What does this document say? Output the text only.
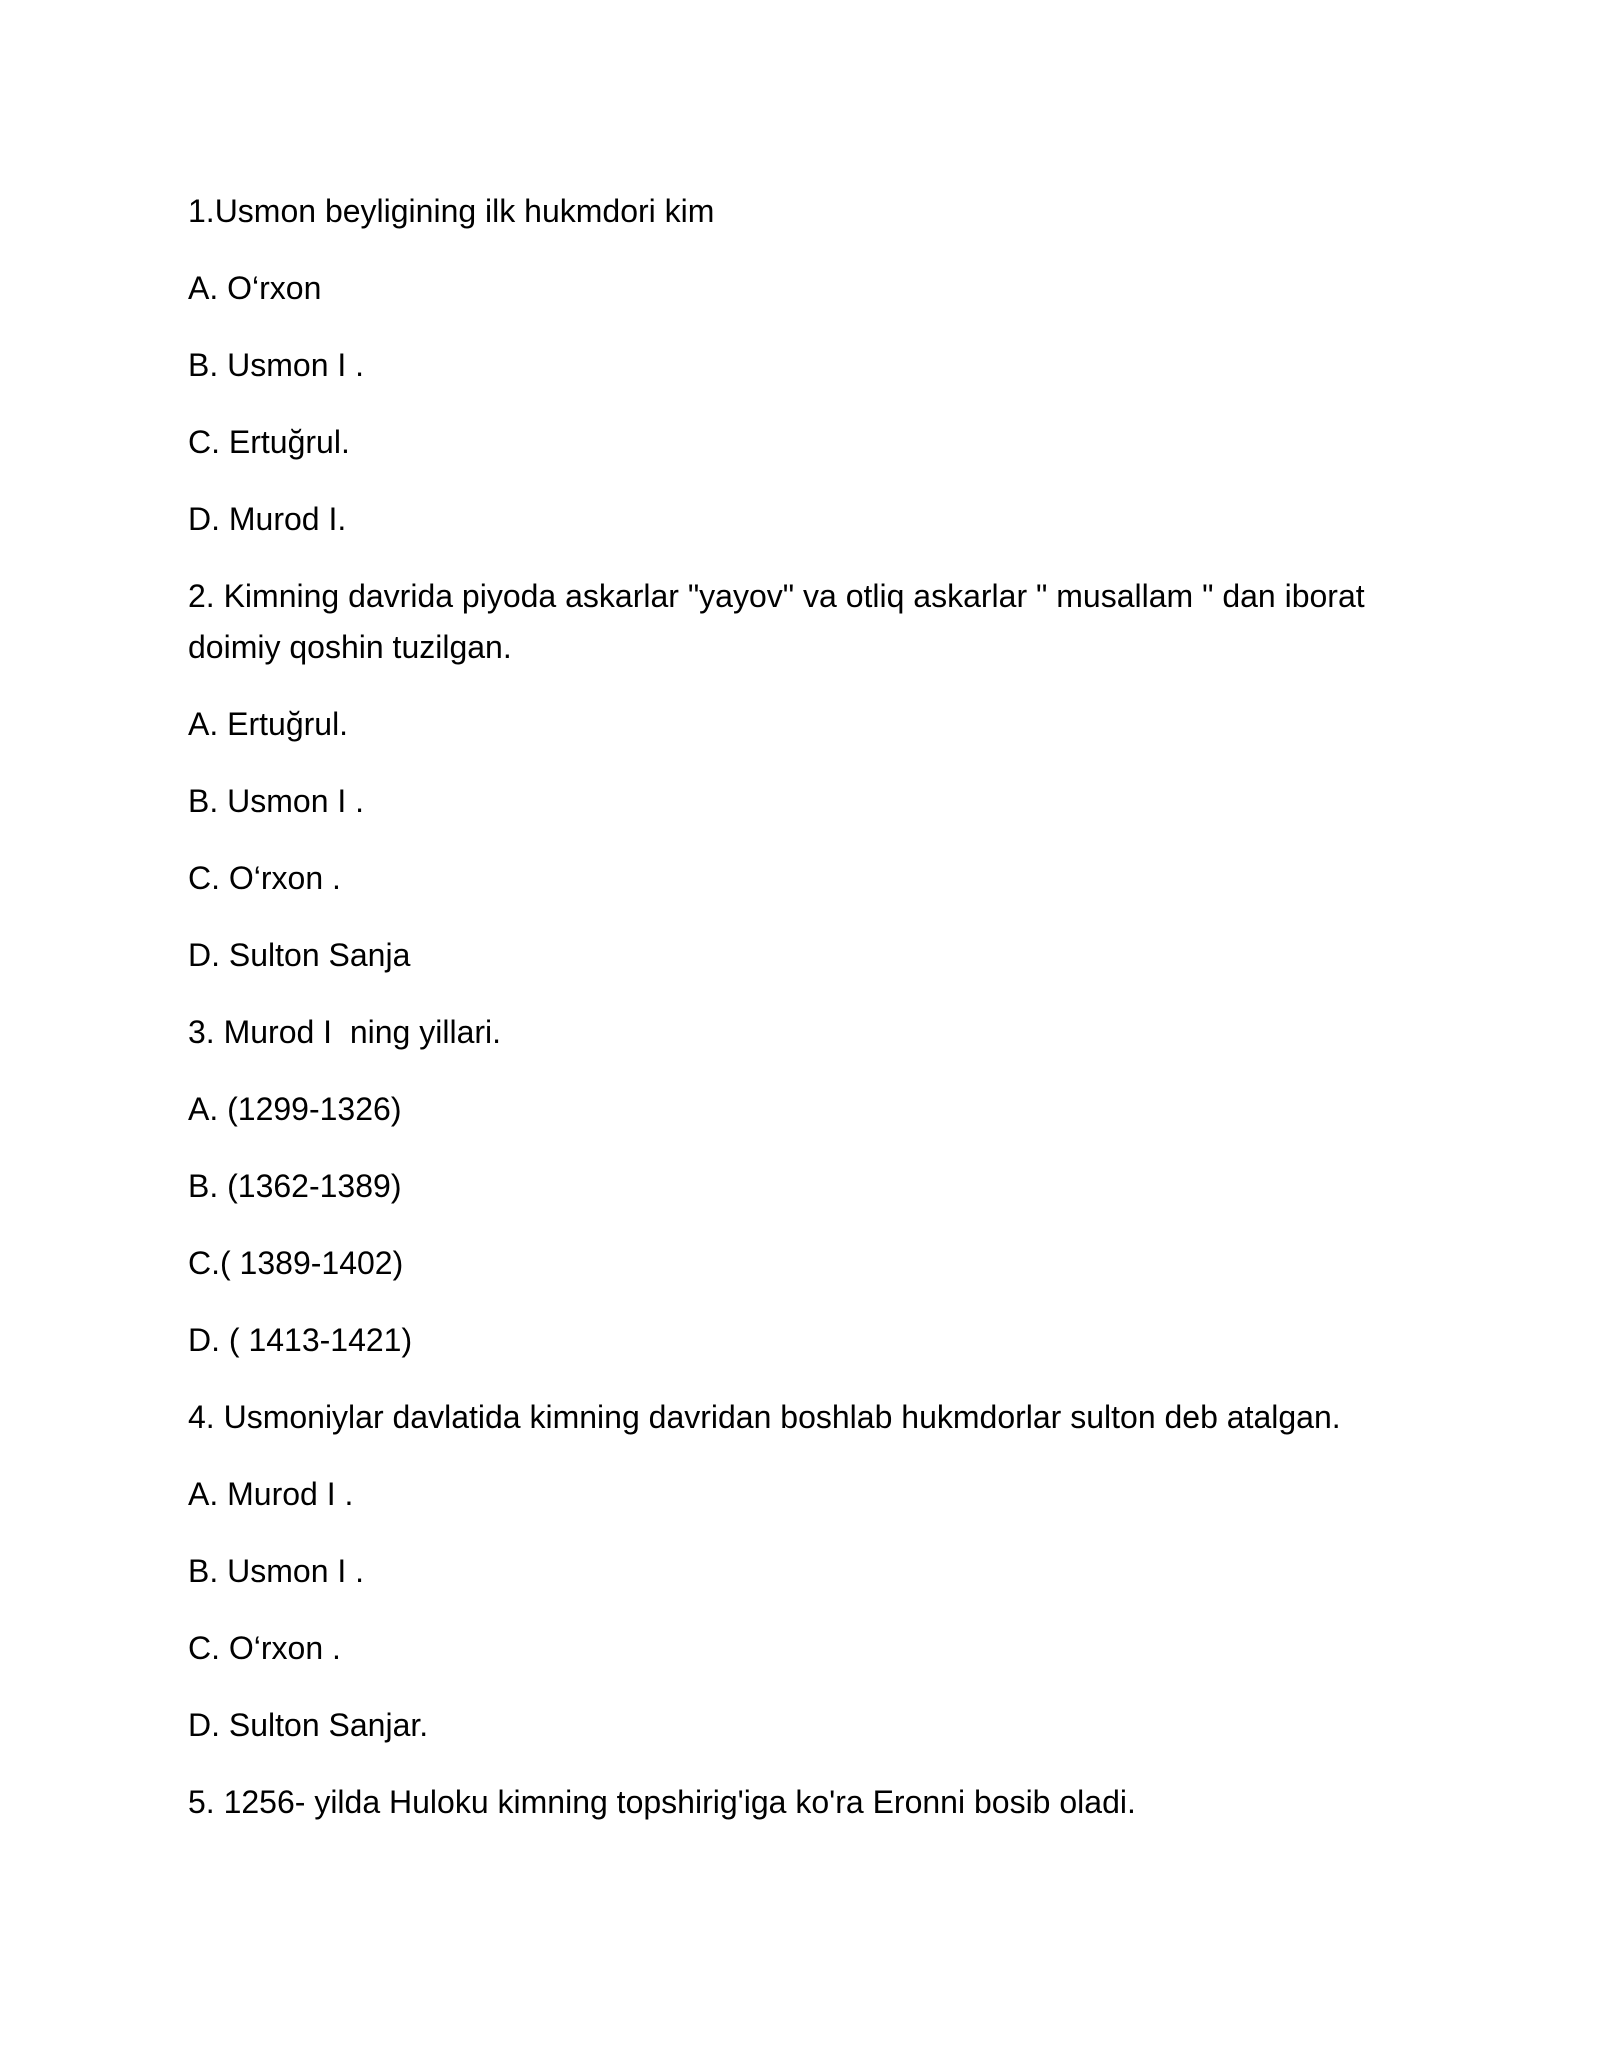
1.Usmon beyligining ilk hukmdori kim

A. O‘rxon

B. Usmon I .

C. Ertuğrul.

D. Murod I.

2. Kimning davrida piyoda askarlar "yayov" va otliq askarlar " musallam " dan iborat doimiy qoshin tuzilgan.

A. Ertuğrul.

B. Usmon I .

C. O‘rxon .

D. Sulton Sanja

3. Murod I  ning yillari.

A. (1299-1326)

B. (1362-1389)

C.( 1389-1402)

D. ( 1413-1421)

4. Usmoniylar davlatida kimning davridan boshlab hukmdorlar sulton deb atalgan.

A. Murod I .

B. Usmon I .

C. O‘rxon .

D. Sulton Sanjar.

5. 1256- yilda Huloku kimning topshirig'iga ko'ra Eronni bosib oladi.
